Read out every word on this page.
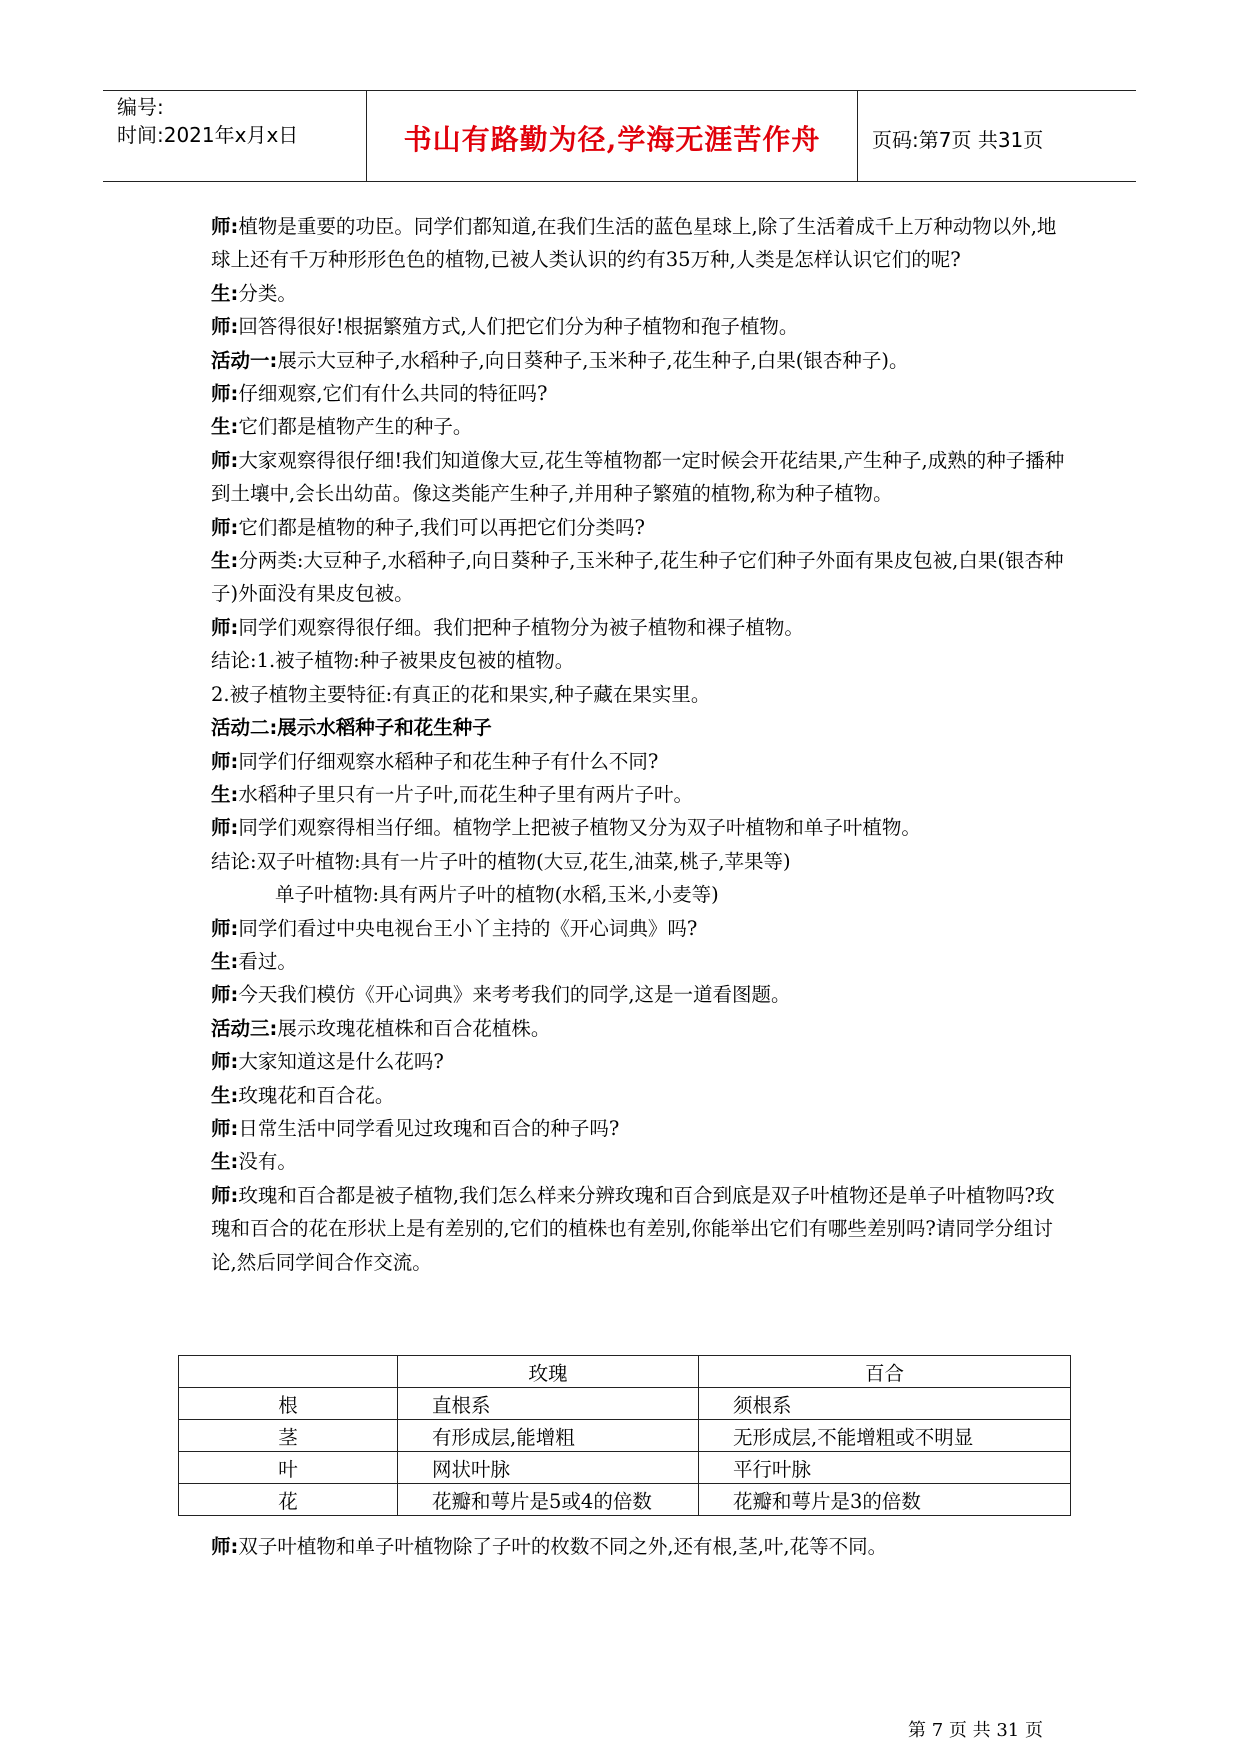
编号:
时间:2021年x月x日	书山有路勤为径,学海无涯苦作舟	页码:第7页 共31页
师:植物是重要的功臣。同学们都知道,在我们生活的蓝色星球上,除了生活着成千上万种动物以外,地球上还有千万种形形色色的植物,已被人类认识的约有35万种,人类是怎样认识它们的呢?
生:分类。
师:回答得很好!根据繁殖方式,人们把它们分为种子植物和孢子植物。
活动一:展示大豆种子,水稻种子,向日葵种子,玉米种子,花生种子,白果(银杏种子)。
师:仔细观察,它们有什么共同的特征吗?
生:它们都是植物产生的种子。
师:大家观察得很仔细!我们知道像大豆,花生等植物都一定时候会开花结果,产生种子,成熟的种子播种到土壤中,会长出幼苗。像这类能产生种子,并用种子繁殖的植物,称为种子植物。
师:它们都是植物的种子,我们可以再把它们分类吗?
生:分两类:大豆种子,水稻种子,向日葵种子,玉米种子,花生种子它们种子外面有果皮包被,白果(银杏种子)外面没有果皮包被。
师:同学们观察得很仔细。我们把种子植物分为被子植物和裸子植物。
结论:1.被子植物:种子被果皮包被的植物。
2.被子植物主要特征:有真正的花和果实,种子藏在果实里。
活动二:展示水稻种子和花生种子
师:同学们仔细观察水稻种子和花生种子有什么不同?
生:水稻种子里只有一片子叶,而花生种子里有两片子叶。
师:同学们观察得相当仔细。植物学上把被子植物又分为双子叶植物和单子叶植物。
结论:双子叶植物:具有一片子叶的植物(大豆,花生,油菜,桃子,苹果等)
单子叶植物:具有两片子叶的植物(水稻,玉米,小麦等)
师:同学们看过中央电视台王小丫主持的《开心词典》吗?
生:看过。
师:今天我们模仿《开心词典》来考考我们的同学,这是一道看图题。
活动三:展示玫瑰花植株和百合花植株。
师:大家知道这是什么花吗?
生:玫瑰花和百合花。
师:日常生活中同学看见过玫瑰和百合的种子吗?
生:没有。
师:玫瑰和百合都是被子植物,我们怎么样来分辨玫瑰和百合到底是双子叶植物还是单子叶植物吗?玫瑰和百合的花在形状上是有差别的,它们的植株也有差别,你能举出它们有哪些差别吗?请同学分组讨论,然后同学间合作交流。
	玫瑰	百合
根	直根系	须根系
茎	有形成层,能增粗	无形成层,不能增粗或不明显
叶	网状叶脉	平行叶脉
花	花瓣和萼片是5或4的倍数	花瓣和萼片是3的倍数
师:双子叶植物和单子叶植物除了子叶的枚数不同之外,还有根,茎,叶,花等不同。
第 7 页 共 31 页
